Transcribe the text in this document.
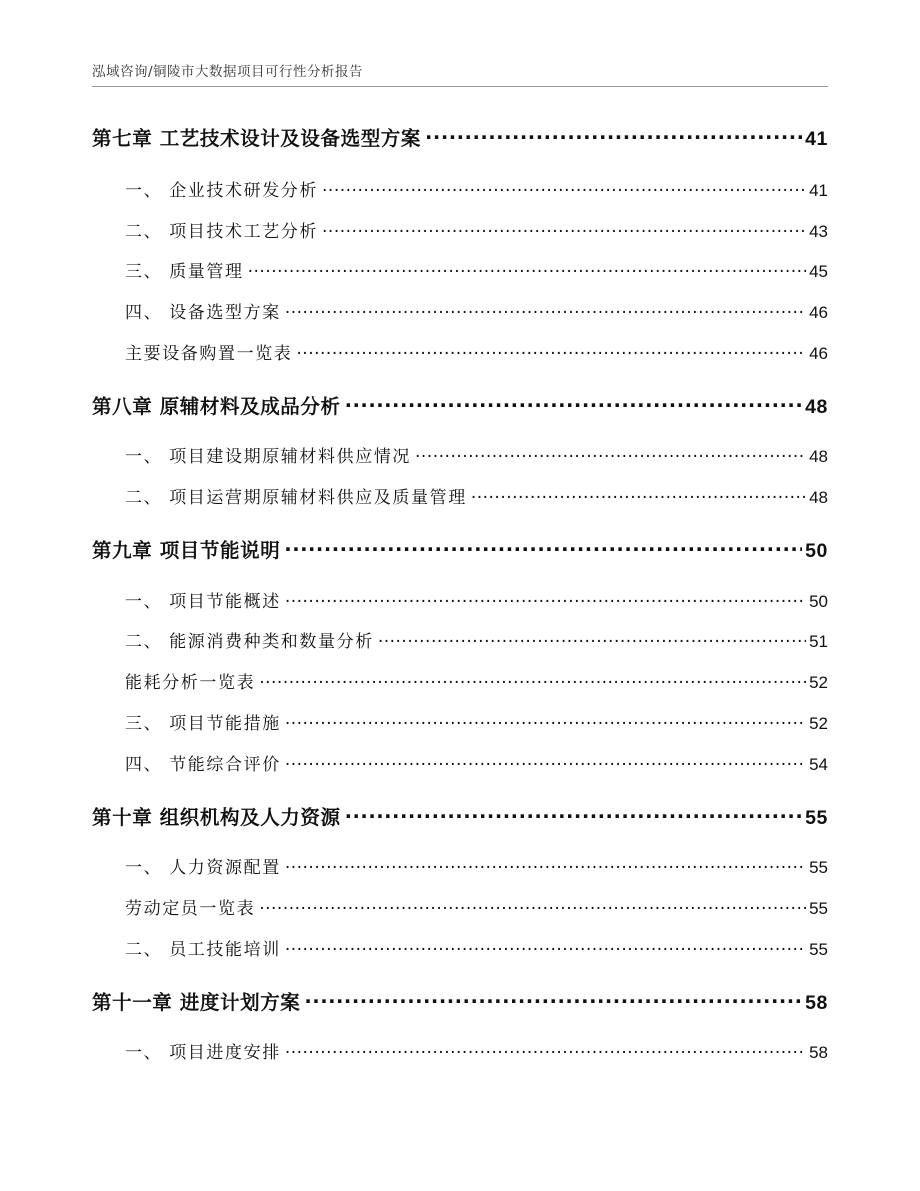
泓域咨询/铜陵市大数据项目可行性分析报告
第七章 工艺技术设计及设备选型方案 .....	41
一、 企业技术研发分析 .....	41
二、 项目技术工艺分析 .....	43
三、 质量管理 .....	45
四、 设备选型方案 .....	46
主要设备购置一览表 .....	46
第八章 原辅材料及成品分析 .....	48
一、 项目建设期原辅材料供应情况 .....	48
二、 项目运营期原辅材料供应及质量管理 .....	48
第九章 项目节能说明 .....	50
一、 项目节能概述 .....	50
二、 能源消费种类和数量分析 .....	51
能耗分析一览表 .....	52
三、 项目节能措施 .....	52
四、 节能综合评价 .....	54
第十章 组织机构及人力资源 .....	55
一、 人力资源配置 .....	55
劳动定员一览表 .....	55
二、 员工技能培训 .....	55
第十一章 进度计划方案 .....	58
一、 项目进度安排 .....	58
